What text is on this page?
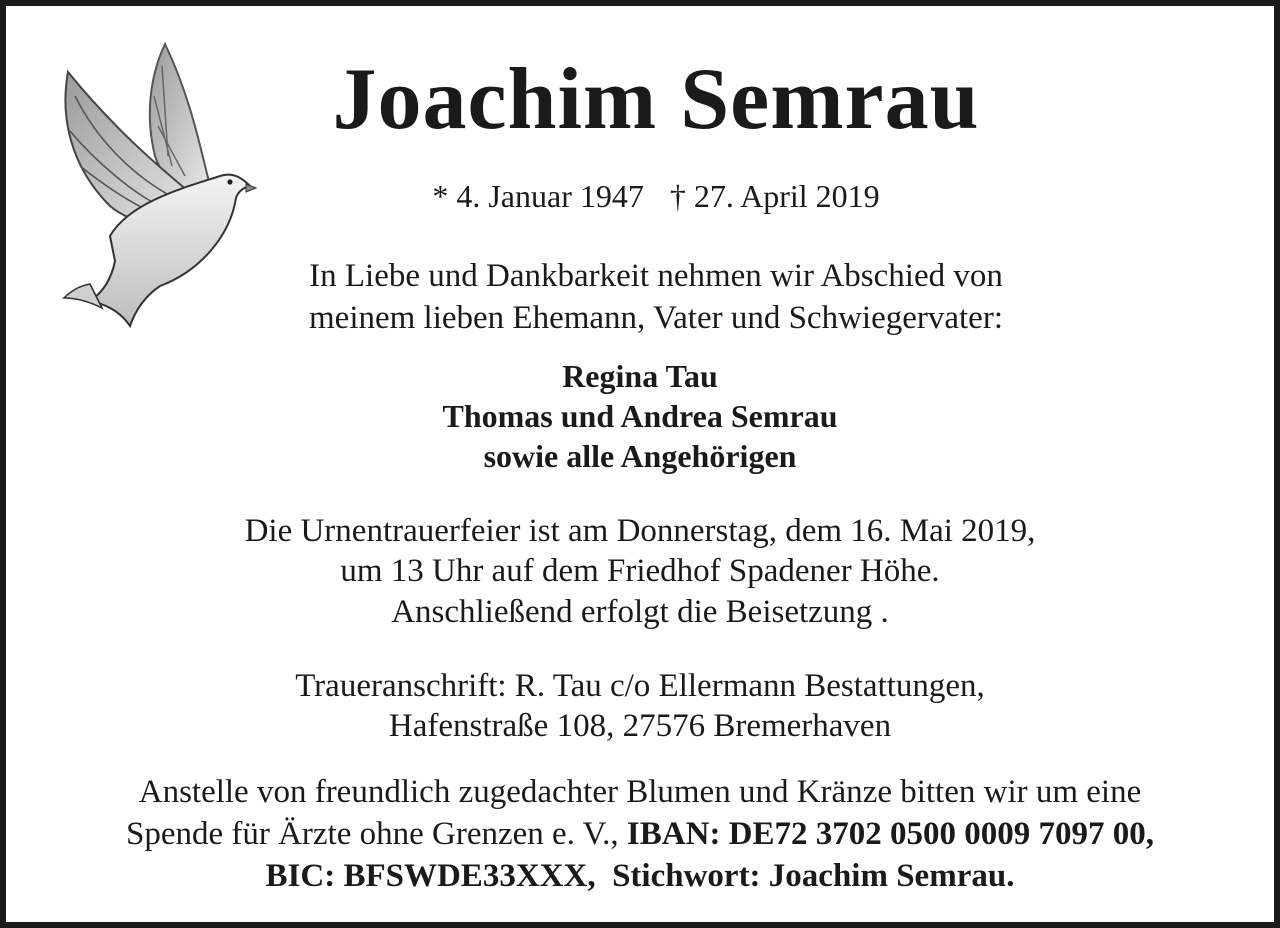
Joachim Semrau
* 4. Januar 1947 † 27. April 2019
In Liebe und Dankbarkeit nehmen wir Abschied von
meinem lieben Ehemann, Vater und Schwiegervater:
Regina Tau
Thomas und Andrea Semrau
sowie alle Angehörigen
Die Urnentrauerfeier ist am Donnerstag, dem 16. Mai 2019,
um 13 Uhr auf dem Friedhof Spadener Höhe.
Anschließend erfolgt die Beisetzung .
Traueranschrift: R. Tau c/o Ellermann Bestattungen,
Hafenstraße 108, 27576 Bremerhaven
Anstelle von freundlich zugedachter Blumen und Kränze bitten wir um eine
Spende für Ärzte ohne Grenzen e. V., IBAN: DE72 3702 0500 0009 7097 00,
BIC: BFSWDE33XXX, Stichwort: Joachim Semrau.
